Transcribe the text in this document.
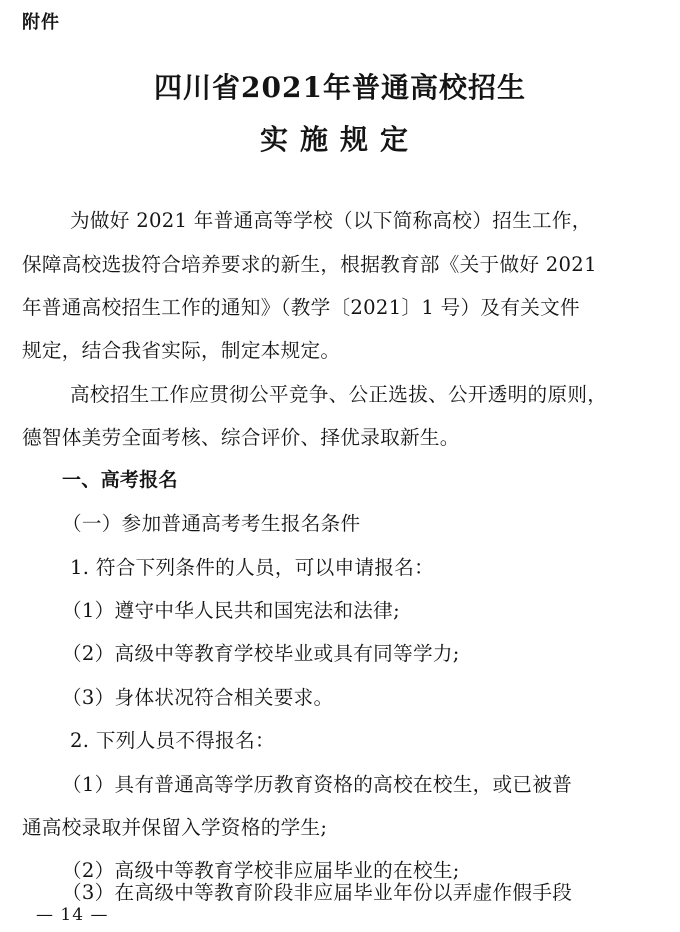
附件
四川省2021年普通高校招生
实施规定
为做好 2021 年普通高等学校（以下简称高校）招生工作，
保障高校选拔符合培养要求的新生，根据教育部《关于做好 2021
年普通高校招生工作的通知》（教学〔2021〕1 号）及有关文件
规定，结合我省实际，制定本规定。
高校招生工作应贯彻公平竞争、公正选拔、公开透明的原则，
德智体美劳全面考核、综合评价、择优录取新生。
一、高考报名
（一）参加普通高考考生报名条件
1. 符合下列条件的人员，可以申请报名：
（1）遵守中华人民共和国宪法和法律;
（2）高级中等教育学校毕业或具有同等学力;
（3）身体状况符合相关要求。
2. 下列人员不得报名：
（1）具有普通高等学历教育资格的高校在校生，或已被普
通高校录取并保留入学资格的学生;
（2）高级中等教育学校非应届毕业的在校生;
（3）在高级中等教育阶段非应届毕业年份以弄虚作假手段
— 14 —
